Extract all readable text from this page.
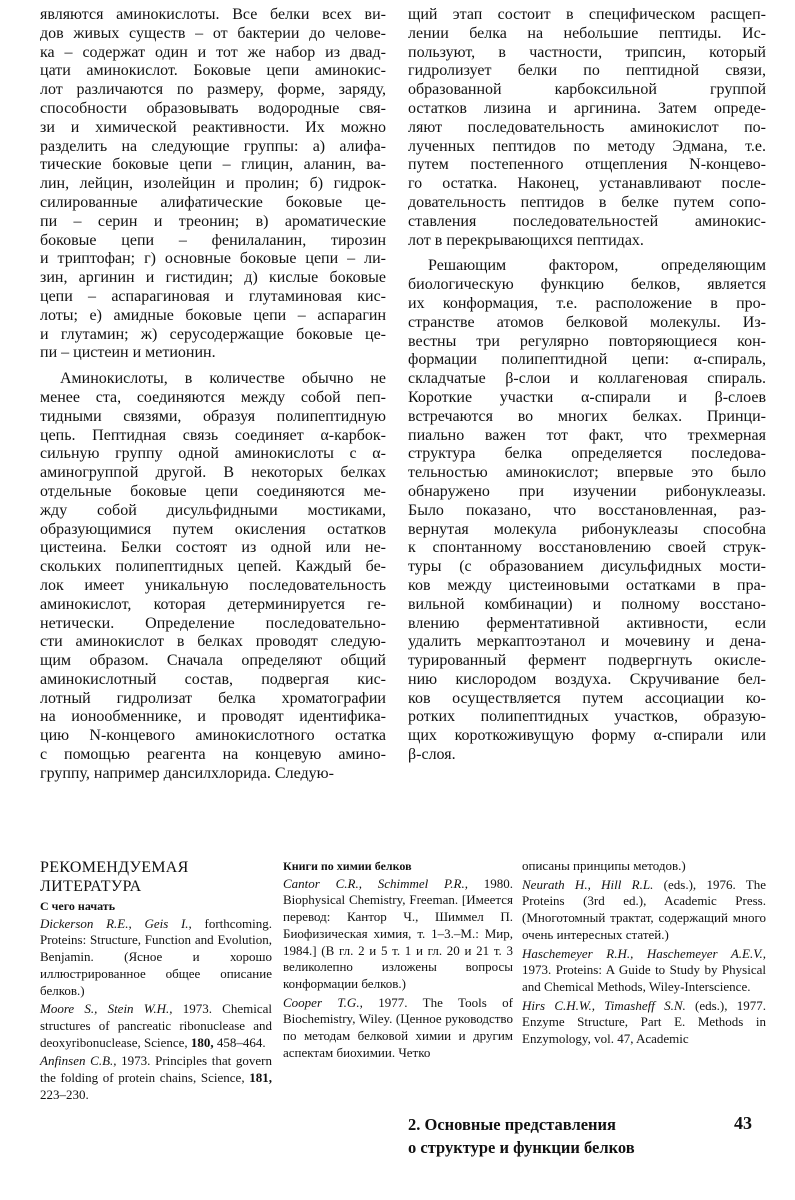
являются аминокислоты. Все белки всех ви-
дов живых существ – от бактерии до челове-
ка – содержат один и тот же набор из двад-
цати аминокислот. Боковые цепи аминокис-
лот различаются по размеру, форме, заряду,
способности образовывать водородные свя-
зи и химической реактивности. Их можно
разделить на следующие группы: а) алифа-
тические боковые цепи – глицин, аланин, ва-
лин, лейцин, изолейцин и пролин; б) гидрок-
силированные алифатические боковые це-
пи – серин и треонин; в) ароматические
боковые цепи – фенилаланин, тирозин
и триптофан; г) основные боковые цепи – ли-
зин, аргинин и гистидин; д) кислые боковые
цепи – аспарагиновая и глутаминовая кис-
лоты; е) амидные боковые цепи – аспарагин
и глутамин; ж) серусодержащие боковые це-
пи – цистеин и метионин.
Аминокислоты, в количестве обычно не
менее ста, соединяются между собой пеп-
тидными связями, образуя полипептидную
цепь. Пептидная связь соединяет α-карбок-
сильную группу одной аминокислоты с α-
аминогруппой другой. В некоторых белках
отдельные боковые цепи соединяются ме-
жду собой дисульфидными мостиками,
образующимися путем окисления остатков
цистеина. Белки состоят из одной или не-
скольких полипептидных цепей. Каждый бе-
лок имеет уникальную последовательность
аминокислот, которая детерминируется ге-
нетически. Определение последовательно-
сти аминокислот в белках проводят следую-
щим образом. Сначала определяют общий
аминокислотный состав, подвергая кис-
лотный гидролизат белка хроматографии
на ионообменнике, и проводят идентифика-
цию N-концевого аминокислотного остатка
с помощью реагента на концевую амино-
группу, например дансилхлорида. Следую-
щий этап состоит в специфическом расщеп-
лении белка на небольшие пептиды. Ис-
пользуют, в частности, трипсин, который
гидролизует белки по пептидной связи,
образованной карбоксильной группой
остатков лизина и аргинина. Затем опреде-
ляют последовательность аминокислот по-
лученных пептидов по методу Эдмана, т.е.
путем постепенного отщепления N-концево-
го остатка. Наконец, устанавливают после-
довательность пептидов в белке путем сопо-
ставления последовательностей аминокис-
лот в перекрывающихся пептидах.
Решающим фактором, определяющим
биологическую функцию белков, является
их конформация, т.е. расположение в про-
странстве атомов белковой молекулы. Из-
вестны три регулярно повторяющиеся кон-
формации полипептидной цепи: α-спираль,
складчатые β-слои и коллагеновая спираль.
Короткие участки α-спирали и β-слоев
встречаются во многих белках. Принци-
пиально важен тот факт, что трехмерная
структура белка определяется последова-
тельностью аминокислот; впервые это было
обнаружено при изучении рибонуклеазы.
Было показано, что восстановленная, раз-
вернутая молекула рибонуклеазы способна
к спонтанному восстановлению своей струк-
туры (с образованием дисульфидных мости-
ков между цистеиновыми остатками в пра-
вильной комбинации) и полному восстано-
влению ферментативной активности, если
удалить меркаптоэтанол и мочевину и дена-
турированный фермент подвергнуть окисле-
нию кислородом воздуха. Скручивание бел-
ков осуществляется путем ассоциации ко-
ротких полипептидных участков, образую-
щих короткоживущую форму α-спирали или
β-слоя.
РЕКОМЕНДУЕМАЯ
ЛИТЕРАТУРА
С чего начать
Dickerson R.E., Geis I., forthcoming. Proteins: Structure, Function and Evolution, Benjamin. (Ясное и хорошо иллюстрированное общее описание белков.)
Moore S., Stein W.H., 1973. Chemical structures of pancreatic ribonuclease and deoxyribonuclease, Science, 180, 458–464.
Anfinsen C.B., 1973. Principles that govern the folding of protein chains, Science, 181, 223–230.
Книги по химии белков
Cantor C.R., Schimmel P.R., 1980. Biophysical Chemistry, Freeman. [Имеется перевод: Кантор Ч., Шиммел П. Биофизическая химия, т. 1–3.–М.: Мир, 1984.] (В гл. 2 и 5 т. 1 и гл. 20 и 21 т. 3 великолепно изложены вопросы конформации белков.)
Cooper T.G., 1977. The Tools of Biochemistry, Wiley. (Ценное руководство по методам белковой химии и другим аспектам биохимии. Четко
описаны принципы методов.)
Neurath H., Hill R.L. (eds.), 1976. The Proteins (3rd ed.), Academic Press. (Многотомный трактат, содержащий много очень интересных статей.)
Haschemeyer R.H., Haschemeyer A.E.V., 1973. Proteins: A Guide to Study by Physical and Chemical Methods, Wiley-Interscience.
Hirs C.H.W., Timasheff S.N. (eds.), 1977. Enzyme Structure, Part E. Methods in Enzymology, vol. 47, Academic
2. Основные представления
о структуре и функции белков
43
